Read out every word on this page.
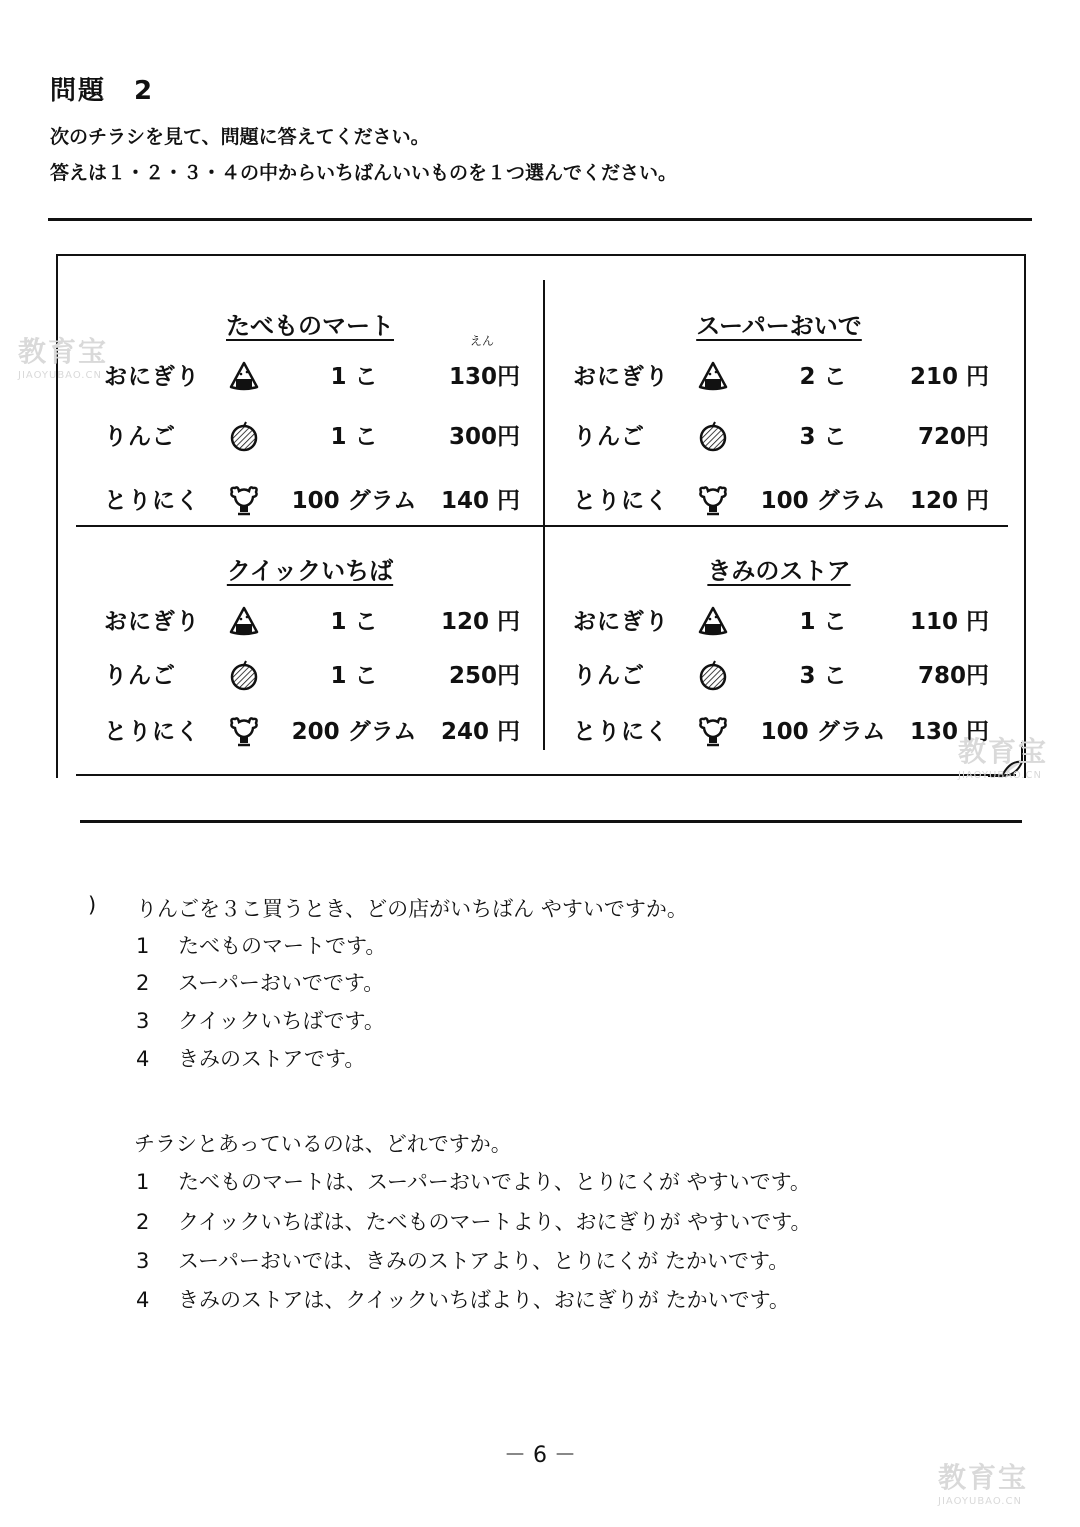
問題　2
次のチラシを見て、問題に答えてください。
答えは１・２・３・４の中からいちばんいいものを１つ選んでください。
たべものマート
おにぎり	1 こ	130円
えん
りんご	1 こ	300円
とりにく	100 グラム 140 円
スーパーおいで
おにぎり	2 こ	210 円
りんご	3 こ	720円
とりにく	100 グラム 120 円
クイックいちば
おにぎり	1 こ	120 円
りんご	1 こ	250円
とりにく	200 グラム 240 円
きみのストア
おにぎり	1 こ	110 円
りんご	3 こ	780円
とりにく	100 グラム 130 円
) りんごを３こ買うとき、どの店がいちばん やすいですか。
1 たべものマートです。
2 スーパーおいでです。
3 クイックいちばです。
4 きみのストアです。
チラシとあっているのは、どれですか。
1 たべものマートは、スーパーおいでより、とりにくが やすいです。
2 クイックいちばは、たべものマートより、おにぎりが やすいです。
3 スーパーおいでは、きみのストアより、とりにくが たかいです。
4 きみのストアは、クイックいちばより、おにぎりが たかいです。
－ 6 －
教育宝
JIAOYUBAO.CN
教育宝
JIAOYUBAO.CN
教育宝
JIAOYUBAO.CN
